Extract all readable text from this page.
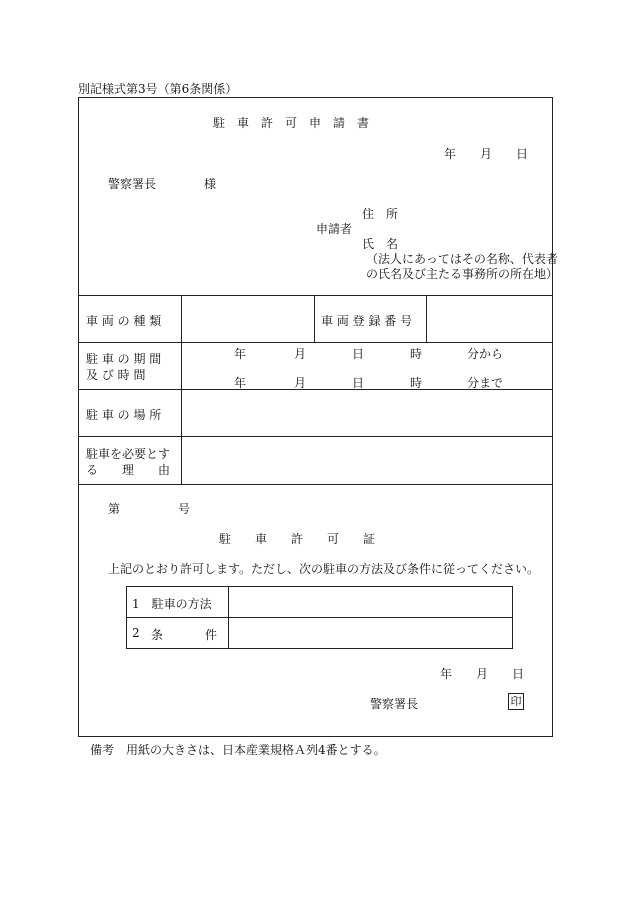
別記様式第3号（第6条関係）
駐　車　許　可　申　請　書
年　　月　　日
警察署長　　　　様
住　所
申請者
氏　名
（法人にあってはその名称、代表者
の氏名及び主たる事務所の所在地）
車 両 の 種 類	車 両 登 録 番 号
駐 車 の 期 間
及 び 時 間
年	月	日	時	分から
年	月	日	時	分まで
駐 車 の 場 所
駐車を必要とす
る　　理　　由
第	号
駐　　車　　許　　可　　証
上記のとおり許可します。ただし、次の駐車の方法及び条件に従ってください。
1　駐車の方法
2 条	件
年　　月　　日
警察署長	印
備考　用紙の大きさは、日本産業規格Ａ列4番とする。
